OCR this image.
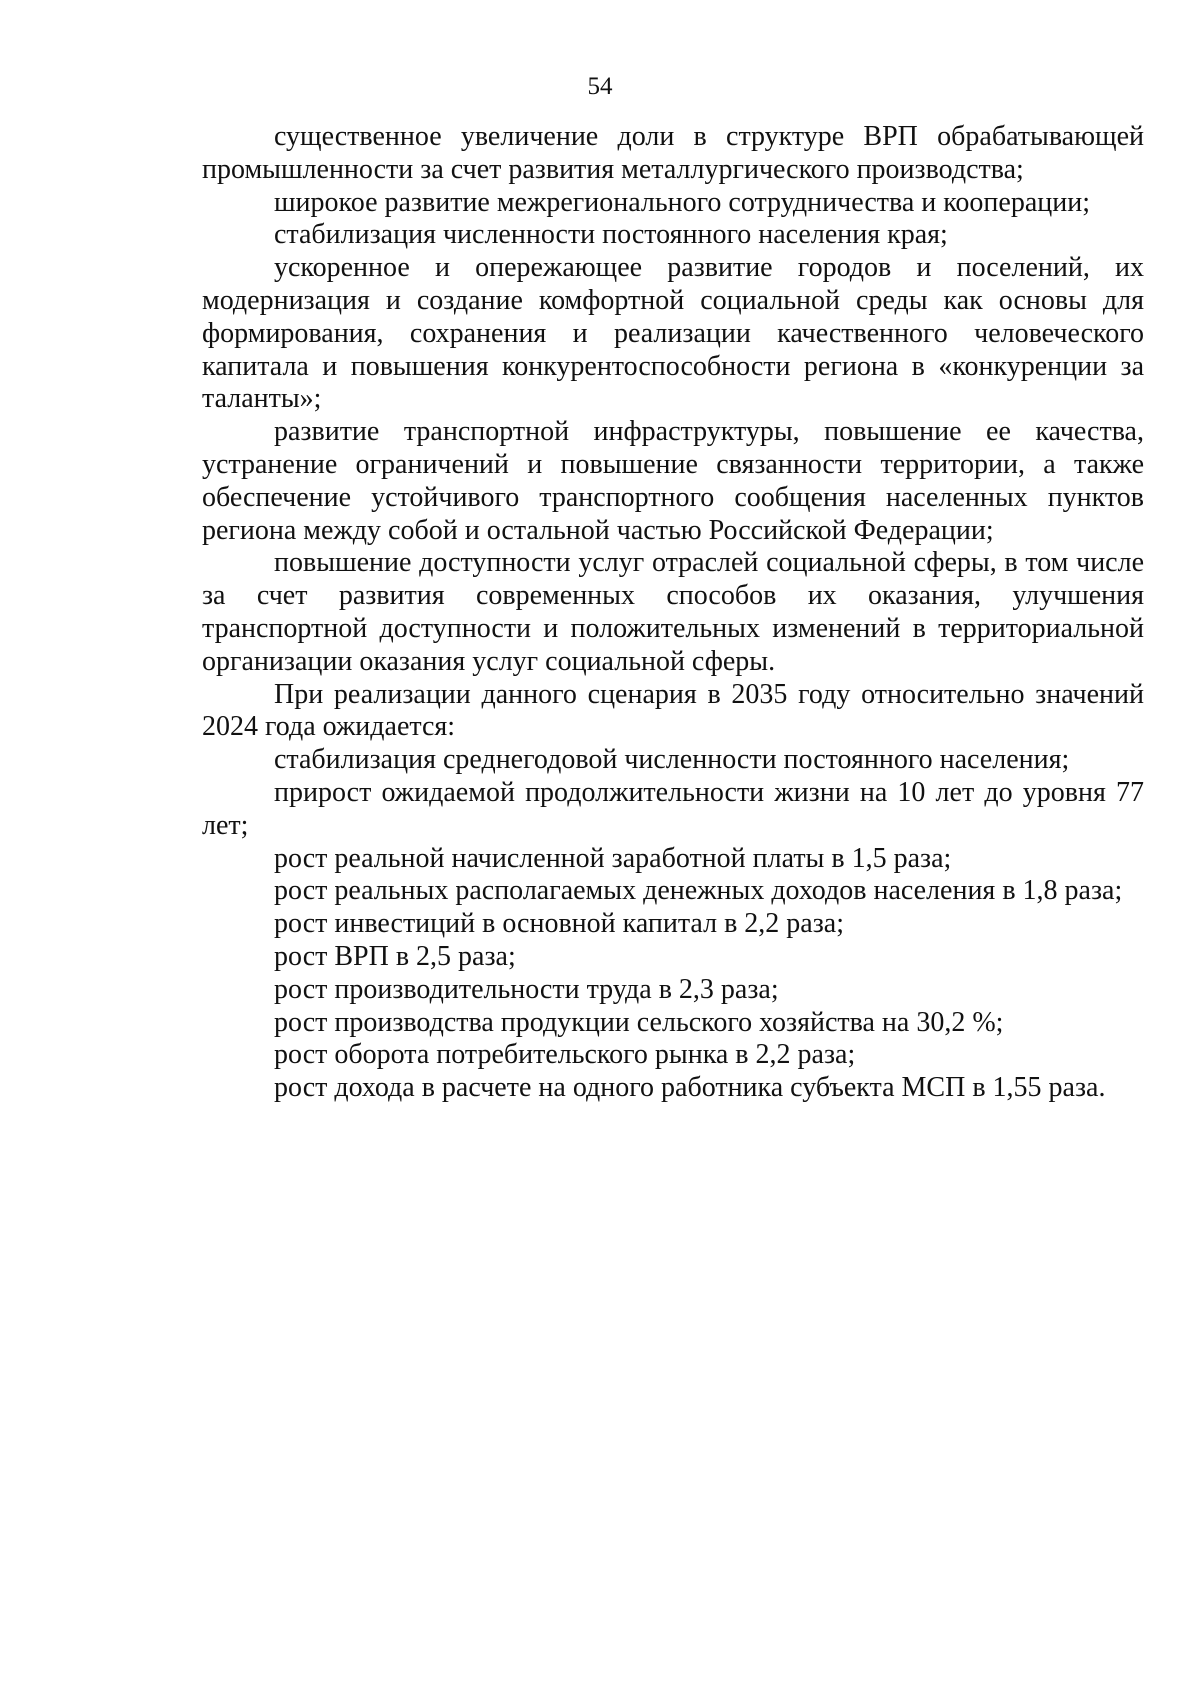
54

существенное увеличение доли в структуре ВРП обрабатывающей промышленности за счет развития металлургического производства;

широкое развитие межрегионального сотрудничества и кооперации;

стабилизация численности постоянного населения края;

ускоренное и опережающее развитие городов и поселений, их модернизация и создание комфортной социальной среды как основы для формирования, сохранения и реализации качественного человеческого капитала и повышения конкурентоспособности региона в «конкуренции за таланты»;

развитие транспортной инфраструктуры, повышение ее качества, устранение ограничений и повышение связанности территории, а также обеспечение устойчивого транспортного сообщения населенных пунктов региона между собой и остальной частью Российской Федерации;

повышение доступности услуг отраслей социальной сферы, в том числе за счет развития современных способов их оказания, улучшения транспортной доступности и положительных изменений в территориальной организации оказания услуг социальной сферы.

При реализации данного сценария в 2035 году относительно значений 2024 года ожидается:

стабилизация среднегодовой численности постоянного населения;

прирост ожидаемой продолжительности жизни на 10 лет до уровня 77 лет;

рост реальной начисленной заработной платы в 1,5 раза;

рост реальных располагаемых денежных доходов населения в 1,8 раза;

рост инвестиций в основной капитал в 2,2 раза;

рост ВРП в 2,5 раза;

рост производительности труда в 2,3 раза;

рост производства продукции сельского хозяйства на 30,2 %;

рост оборота потребительского рынка в 2,2 раза;

рост дохода в расчете на одного работника субъекта МСП в 1,55 раза.
